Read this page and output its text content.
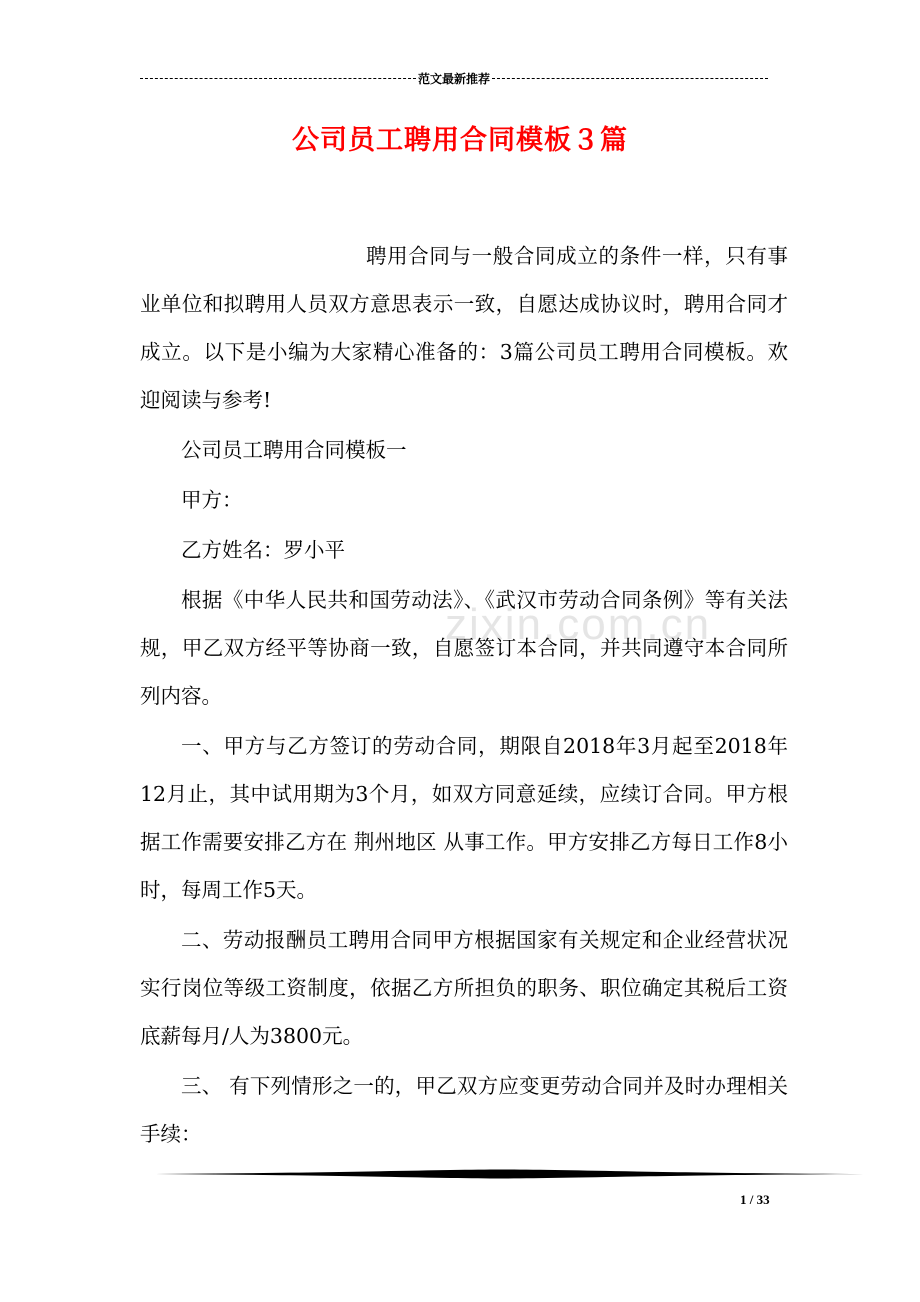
范文最新推荐
公司员工聘用合同模板３篇
zixin.com.cn

聘用合同与一般合同成立的条件一样，只有事业单位和拟聘用人员双方意思表示一致，自愿达成协议时，聘用合同才成立。以下是小编为大家精心准备的：3篇公司员工聘用合同模板。欢迎阅读与参考!

公司员工聘用合同模板一

甲方：

乙方姓名：罗小平

根据《中华人民共和国劳动法》、《武汉市劳动合同条例》等有关法规，甲乙双方经平等协商一致，自愿签订本合同，并共同遵守本合同所列内容。

一、甲方与乙方签订的劳动合同，期限自2018年3月起至2018年12月止，其中试用期为3个月，如双方同意延续，应续订合同。甲方根据工作需要安排乙方在 荆州地区 从事工作。甲方安排乙方每日工作8小时，每周工作5天。

二、劳动报酬员工聘用合同甲方根据国家有关规定和企业经营状况实行岗位等级工资制度，依据乙方所担负的职务、职位确定其税后工资底薪每月/人为3800元。

三、 有下列情形之一的，甲乙双方应变更劳动合同并及时办理相关手续：

1 / 33
